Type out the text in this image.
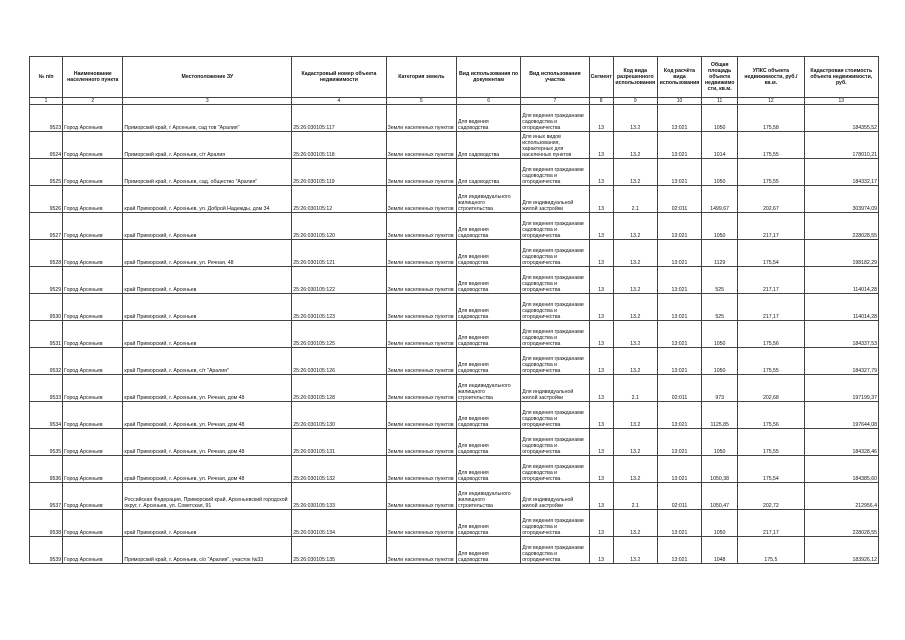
№ п/п	Наименование населенного пункта	Местоположение ЗУ	Кадастровый номер объекта недвижимости	Категория земель	Вид использования по документам	Вид использования участка	Сегмент	Код вида разрешенного использования	Код расчёта вида использования	Общая площадь объекта недвижимо сти, кв.м.	УПКС объекта недвижимости, руб./кв.м.	Кадастровая стоимость объекта недвижимости, руб.
1	2	3	4	5	6	7	8	9	10	11	12	13
9523	Город Арсеньев	Приморский край, г Арсеньев, сад тов "Аралия"	25:26:030105:117	Земли населенных пунктов	Для ведения садоводства	Для ведения гражданами садоводства и огородничества	13	13.2	13:021	1050	175,58	184355,52
9524	Город Арсеньев	Приморский край, г. Арсеньев, с/т Аралия	25:26:030105:118	Земли населенных пунктов	Для садоводства	Для иных видов использования, характерных для населенных пунктов	13	13.2	13:021	1014	175,55	178010,21
9525	Город Арсеньев	Приморский край, г. Арсеньев, сад. общество "Аралия"	25:26:030105:119	Земли населенных пунктов	Для садоводства	Для ведения гражданами садоводства и огородничества	13	13.2	13:021	1050	175,55	184332,17
9526	Город Арсеньев	край Приморский, г. Арсеньев, ул. Доброй Надежды, дом 34	25:26:030105:12	Земли населенных пунктов	Для индивидуального жилищного строительства	Для индивидуальной жилой застройки	13	2.1	02:011	1499,67	202,67	303974,09
9527	Город Арсеньев	край Приморский, г. Арсеньев	25:26:030105:120	Земли населенных пунктов	Для ведения садоводства	Для ведения гражданами садоводства и огородничества	13	13.2	13:021	1050	217,17	228028,55
9528	Город Арсеньев	край Приморский, г. Арсеньев, ул. Речная, 48	25:26:030105:121	Земли населенных пунктов	Для ведения садоводства	Для ведения гражданами садоводства и огородничества	13	13.2	13:021	1129	175,54	198182,29
9529	Город Арсеньев	край Приморский, г. Арсеньев	25:26:030105:122	Земли населенных пунктов	Для ведения садоводства	Для ведения гражданами садоводства и огородничества	13	13.2	13:021	525	217,17	114014,28
9530	Город Арсеньев	край Приморский, г. Арсеньев	25:26:030105:123	Земли населенных пунктов	Для ведения садоводства	Для ведения гражданами садоводства и огородничества	13	13.2	13:021	525	217,17	114014,28
9531	Город Арсеньев	край Приморский, г. Арсеньев	25:26:030105:125	Земли населенных пунктов	Для ведения садоводства	Для ведения гражданами садоводства и огородничества	13	13.2	13:021	1050	175,56	184337,53
9532	Город Арсеньев	край Приморский, г. Арсеньев, с/т "Аралия"	25:26:030105:126	Земли населенных пунктов	Для ведения садоводства	Для ведения гражданами садоводства и огородничества	13	13.2	13:021	1050	175,55	184327,79
9533	Город Арсеньев	край Приморский, г. Арсеньев, ул. Речная, дом 48	25:26:030105:128	Земли населенных пунктов	Для индивидуального жилищного строительства	Для индивидуальной жилой застройки	13	2.1	02:011	973	202,68	197199,37
9534	Город Арсеньев	край Приморский, г. Арсеньев, ул. Речная, дом 48	25:26:030105:130	Земли населенных пунктов	Для ведения садоводства	Для ведения гражданами садоводства и огородничества	13	13.2	13:021	1125,85	175,56	197644,08
9535	Город Арсеньев	край Приморский, г. Арсеньев, ул. Речная, дом 48	25:26:030105:131	Земли населенных пунктов	Для ведения садоводства	Для ведения гражданами садоводства и огородничества	13	13.2	13:021	1050	175,55	184328,46
9536	Город Арсеньев	край Приморский, г. Арсеньев, ул. Речная, дом 48	25:26:030105:132	Земли населенных пунктов	Для ведения садоводства	Для ведения гражданами садоводства и огородничества	13	13.2	13:021	1050,38	175,54	184385,60
9537	Город Арсеньев	Российская Федерация, Приморский край, Арсеньевский городской округ, г. Арсеньев, ул. Советская, 91	25:26:030105:133	Земли населенных пунктов	Для индивидуального жилищного строительства	Для индивидуальной жилой застройки	13	2.1	02:011	1050,47	202,72	212956,4
9538	Город Арсеньев	край Приморский, г. Арсеньев	25:26:030105:134	Земли населенных пунктов	Для ведения садоводства	Для ведения гражданами садоводства и огородничества	13	13.2	13:021	1050	217,17	228028,55
9539	Город Арсеньев	Приморский край, г. Арсеньев, с/о "Аралия", участок №33	25:26:030105:135	Земли населенных пунктов	Для ведения садоводства	Для ведения гражданами садоводства и огородничества	13	13.2	13:021	1048	175,5	183926,12
